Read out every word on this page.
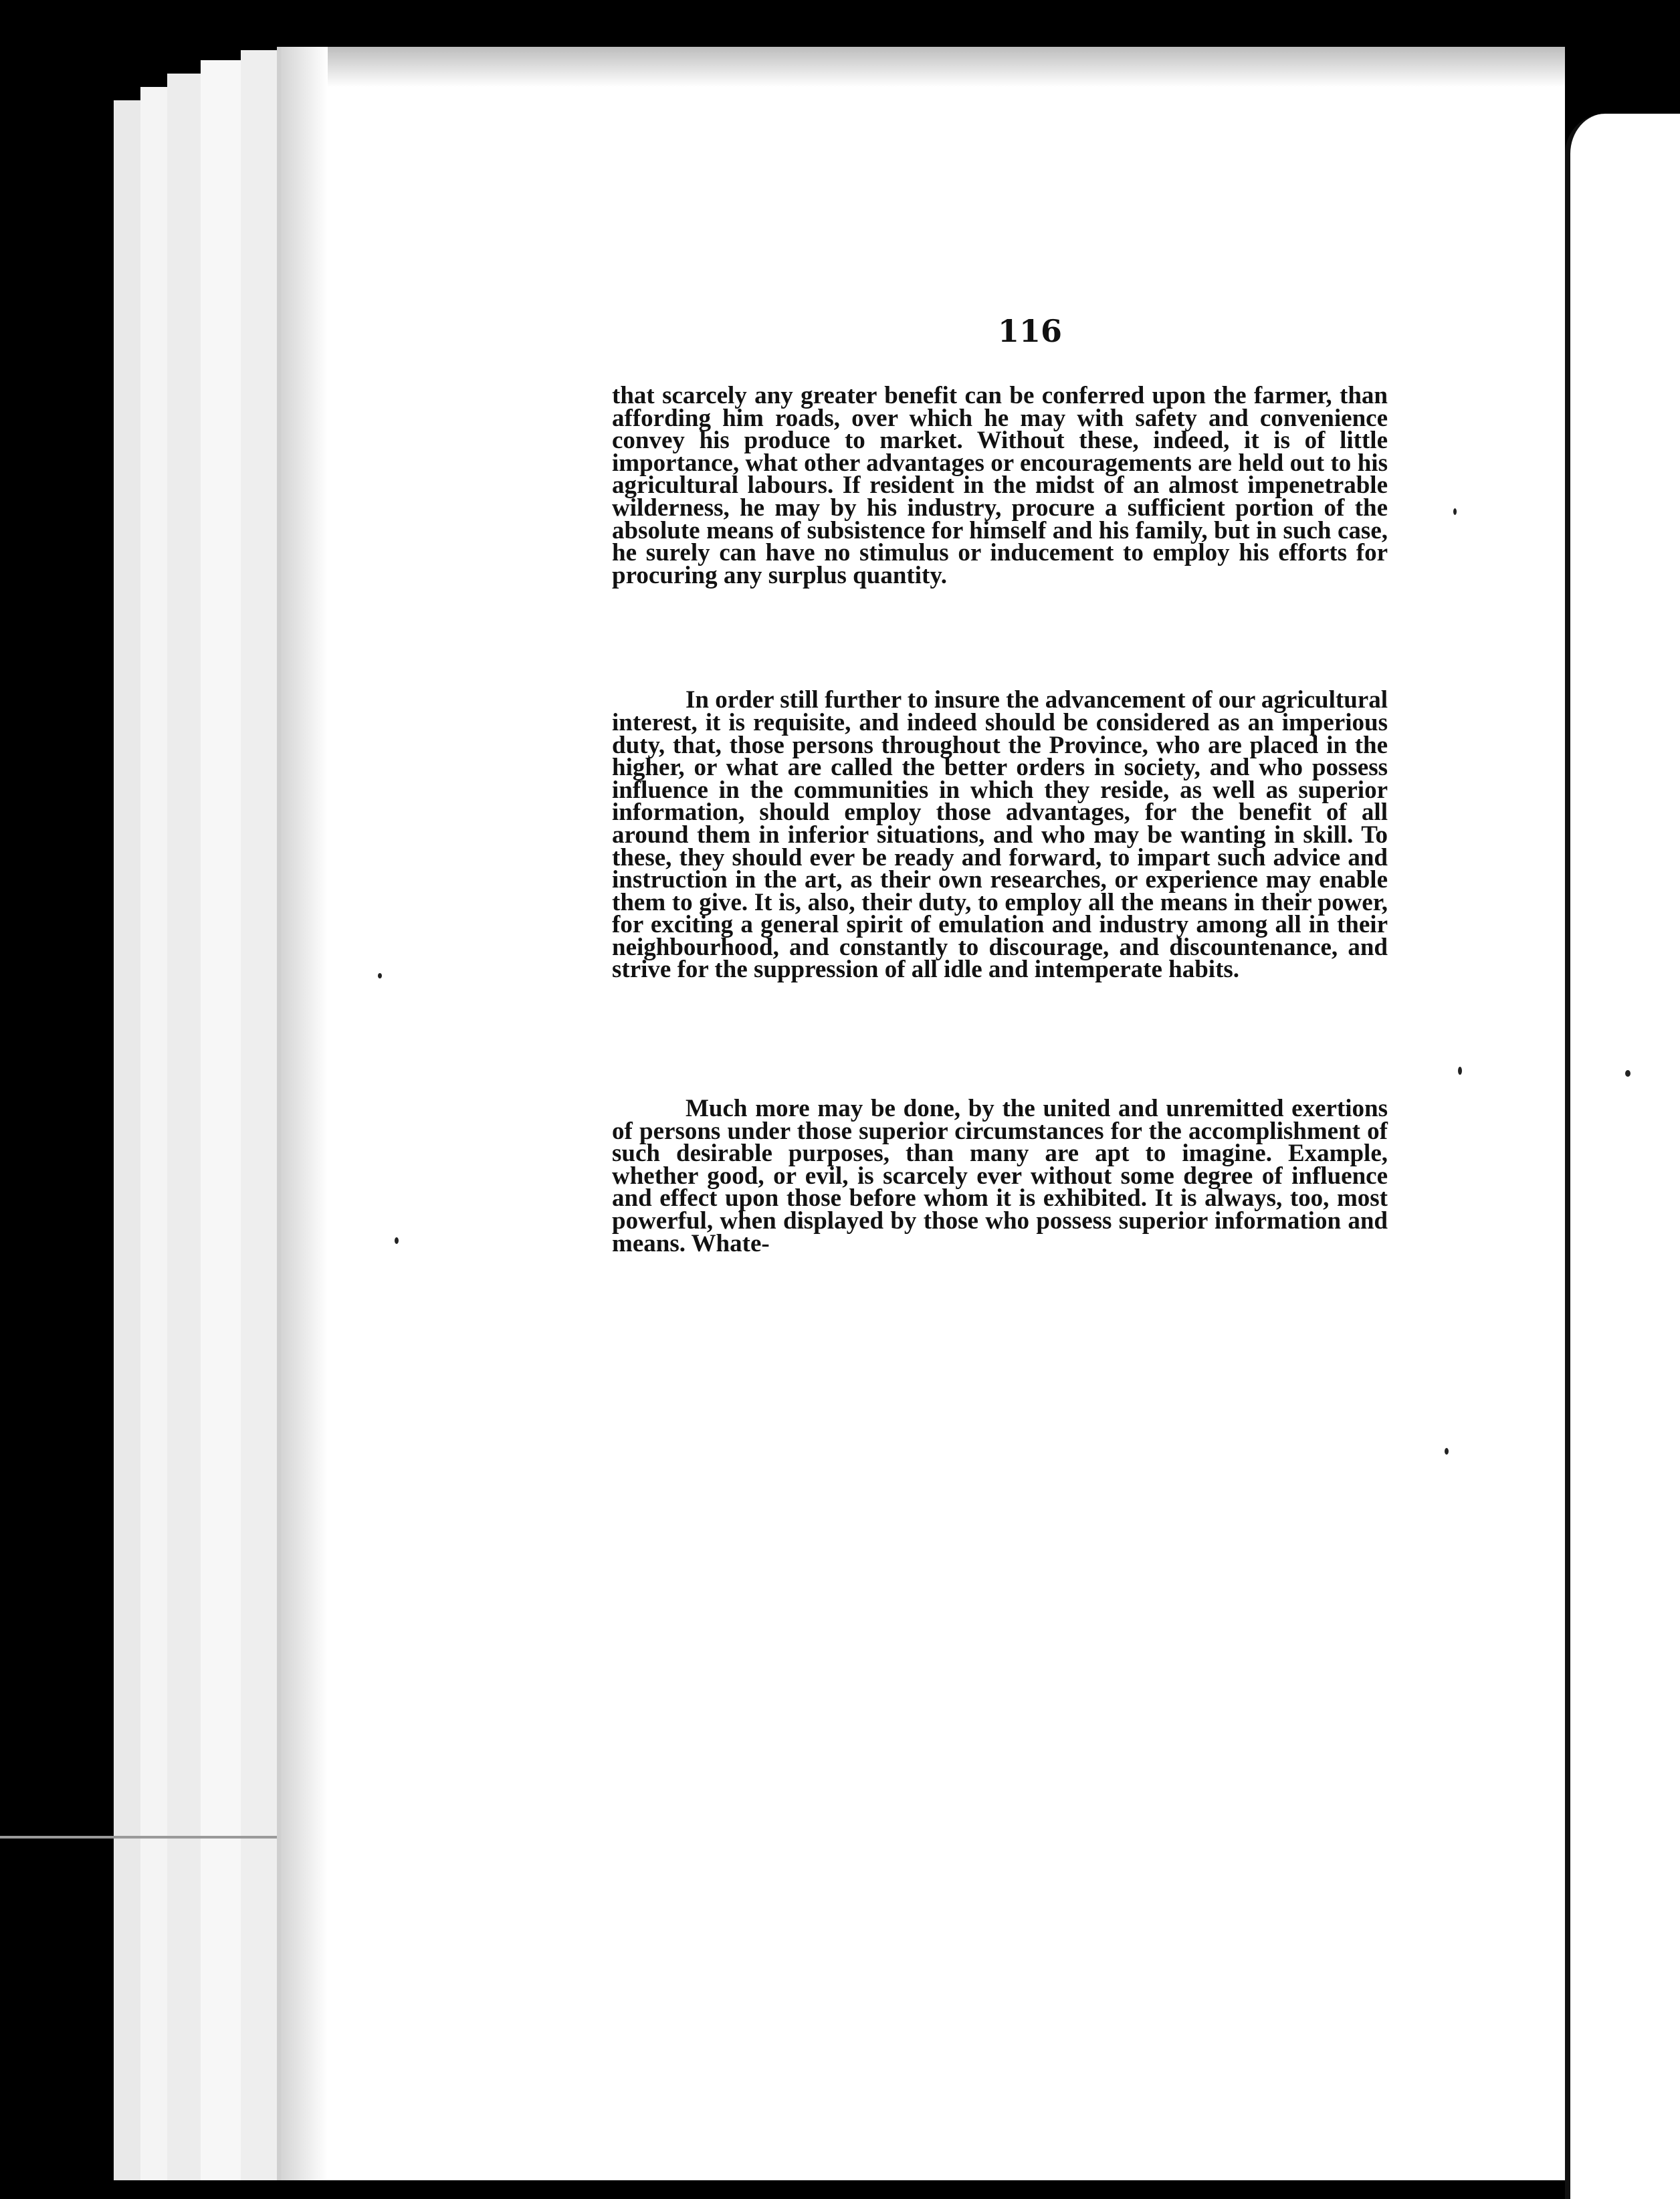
116

that scarcely any greater benefit can be conferred upon the farmer, than affording him roads, over which he may with safety and convenience convey his produce to market. Without these, indeed, it is of little importance, what other advantages or encouragements are held out to his agricultural labours. If resident in the midst of an almost impenetrable wilderness, he may by his industry, procure a sufficient portion of the absolute means of subsistence for himself and his family, but in such case, he surely can have no stimulus or inducement to employ his efforts for procuring any surplus quantity.

In order still further to insure the advancement of our agricultural interest, it is requisite, and indeed should be considered as an imperious duty, that, those persons throughout the Province, who are placed in the higher, or what are called the better orders in society, and who possess influence in the communities in which they reside, as well as superior information, should employ those advantages, for the benefit of all around them in inferior situations, and who may be wanting in skill. To these, they should ever be ready and forward, to impart such advice and instruction in the art, as their own researches, or experience may enable them to give. It is, also, their duty, to employ all the means in their power, for exciting a general spirit of emulation and industry among all in their neighbourhood, and constantly to discourage, and discountenance, and strive for the suppression of all idle and intemperate habits.

Much more may be done, by the united and unremitted exertions of persons under those superior circumstances for the accomplishment of such desirable purposes, than many are apt to imagine. Example, whether good, or evil, is scarcely ever without some degree of influence and effect upon those before whom it is exhibited. It is always, too, most powerful, when displayed by those who possess superior information and means. Whate-
